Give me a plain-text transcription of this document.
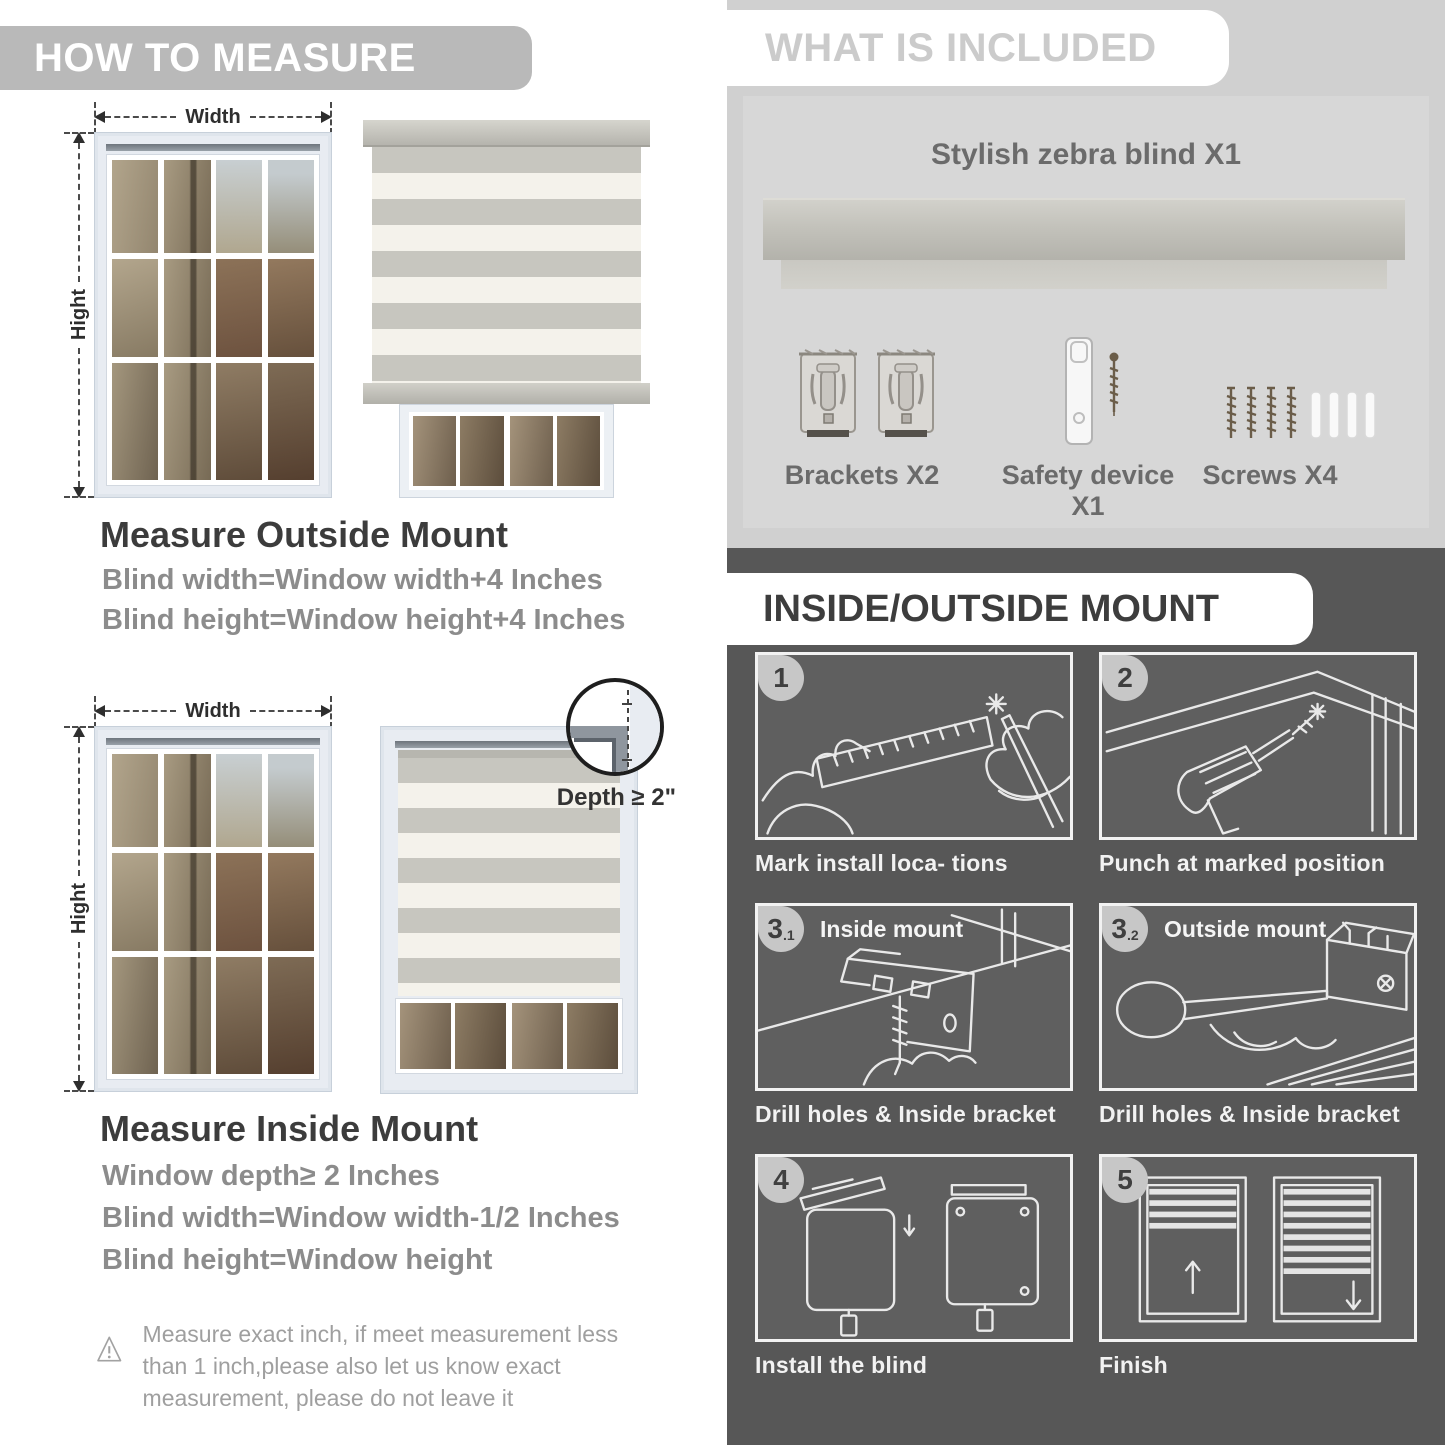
HOW TO MEASURE
Width
Hight
Measure Outside Mount
Blind width=Window width+4 Inches
Blind height=Window height+4 Inches
Width
Hight
Depth ≥ 2"
Measure Inside Mount
Window depth≥ 2 Inches
Blind width=Window width-1/2 Inches
Blind height=Window height
Measure exact inch, if meet measurement less than 1 inch,please also let us know exact measurement, please do not leave it
WHAT IS INCLUDED
Stylish zebra blind X1
Brackets X2	Safety device X1
Screws X4
INSIDE/OUTSIDE MOUNT
1
Mark install loca- tions
2
Punch at marked position
3 .1 Inside mount
Drill holes & Inside bracket
3 .2 Outside mount
Drill holes & Inside bracket
4
Install the blind
5
Finish
